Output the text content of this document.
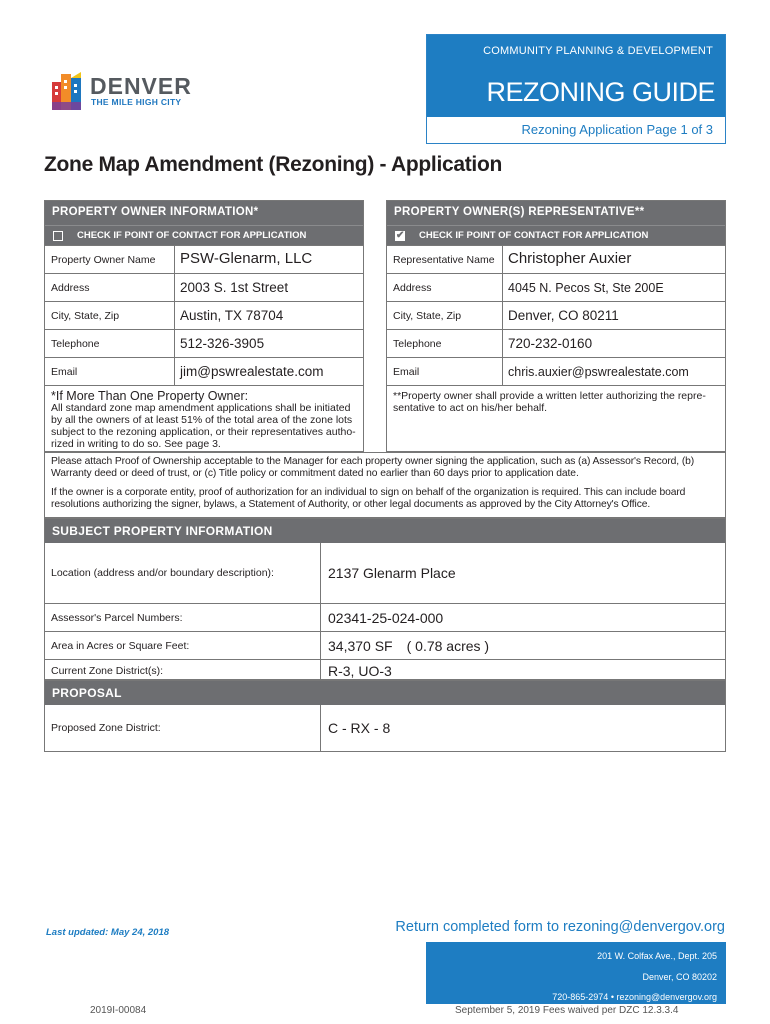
DENVER
THE MILE HIGH CITY
COMMUNITY PLANNING & DEVELOPMENT
REZONING GUIDE
Rezoning Application Page 1 of 3
Zone Map Amendment (Rezoning) - Application
PROPERTY OWNER INFORMATION*
CHECK IF POINT OF CONTACT FOR APPLICATION
Property Owner Name	PSW-Glenarm, LLC
Address	2003 S. 1st Street
City, State, Zip	Austin, TX 78704
Telephone	512-326-3905
Email	jim@pswrealestate.com
*If More Than One Property Owner:
All standard zone map amendment applications shall be initiated by all the owners of at least 51% of the total area of the zone lots subject to the rezoning application, or their representatives autho-rized in writing to do so. See page 3.
PROPERTY OWNER(S) REPRESENTATIVE**
✔ CHECK IF POINT OF CONTACT FOR APPLICATION
Representative Name Christopher Auxier
Address	4045 N. Pecos St, Ste 200E
City, State, Zip	Denver, CO 80211
Telephone	720-232-0160
Email	chris.auxier@pswrealestate.com
**Property owner shall provide a written letter authorizing the repre-sentative to act on his/her behalf.

Please attach Proof of Ownership acceptable to the Manager for each property owner signing the application, such as (a) Assessor's Record, (b) Warranty deed or deed of trust, or (c) Title policy or commitment dated no earlier than 60 days prior to application date.

If the owner is a corporate entity, proof of authorization for an individual to sign on behalf of the organization is required. This can include board resolutions authorizing the signer, bylaws, a Statement of Authority, or other legal documents as approved by the City Attorney's Office.

SUBJECT PROPERTY INFORMATION
Location (address and/or boundary description):	2137 Glenarm Place
Assessor's Parcel Numbers:	02341-25-024-000
Area in Acres or Square Feet:	34,370 SF ( 0.78 acres )
Current Zone District(s):	R-3, UO-3
PROPOSAL
Proposed Zone District:	C - RX - 8
Last updated: May 24, 2018	Return completed form to rezoning@denvergov.org
201 W. Colfax Ave., Dept. 205
Denver, CO 80202
720-865-2974 • rezoning@denvergov.org
2019I-00084	September 5, 2019 Fees waived per DZC 12.3.3.4
